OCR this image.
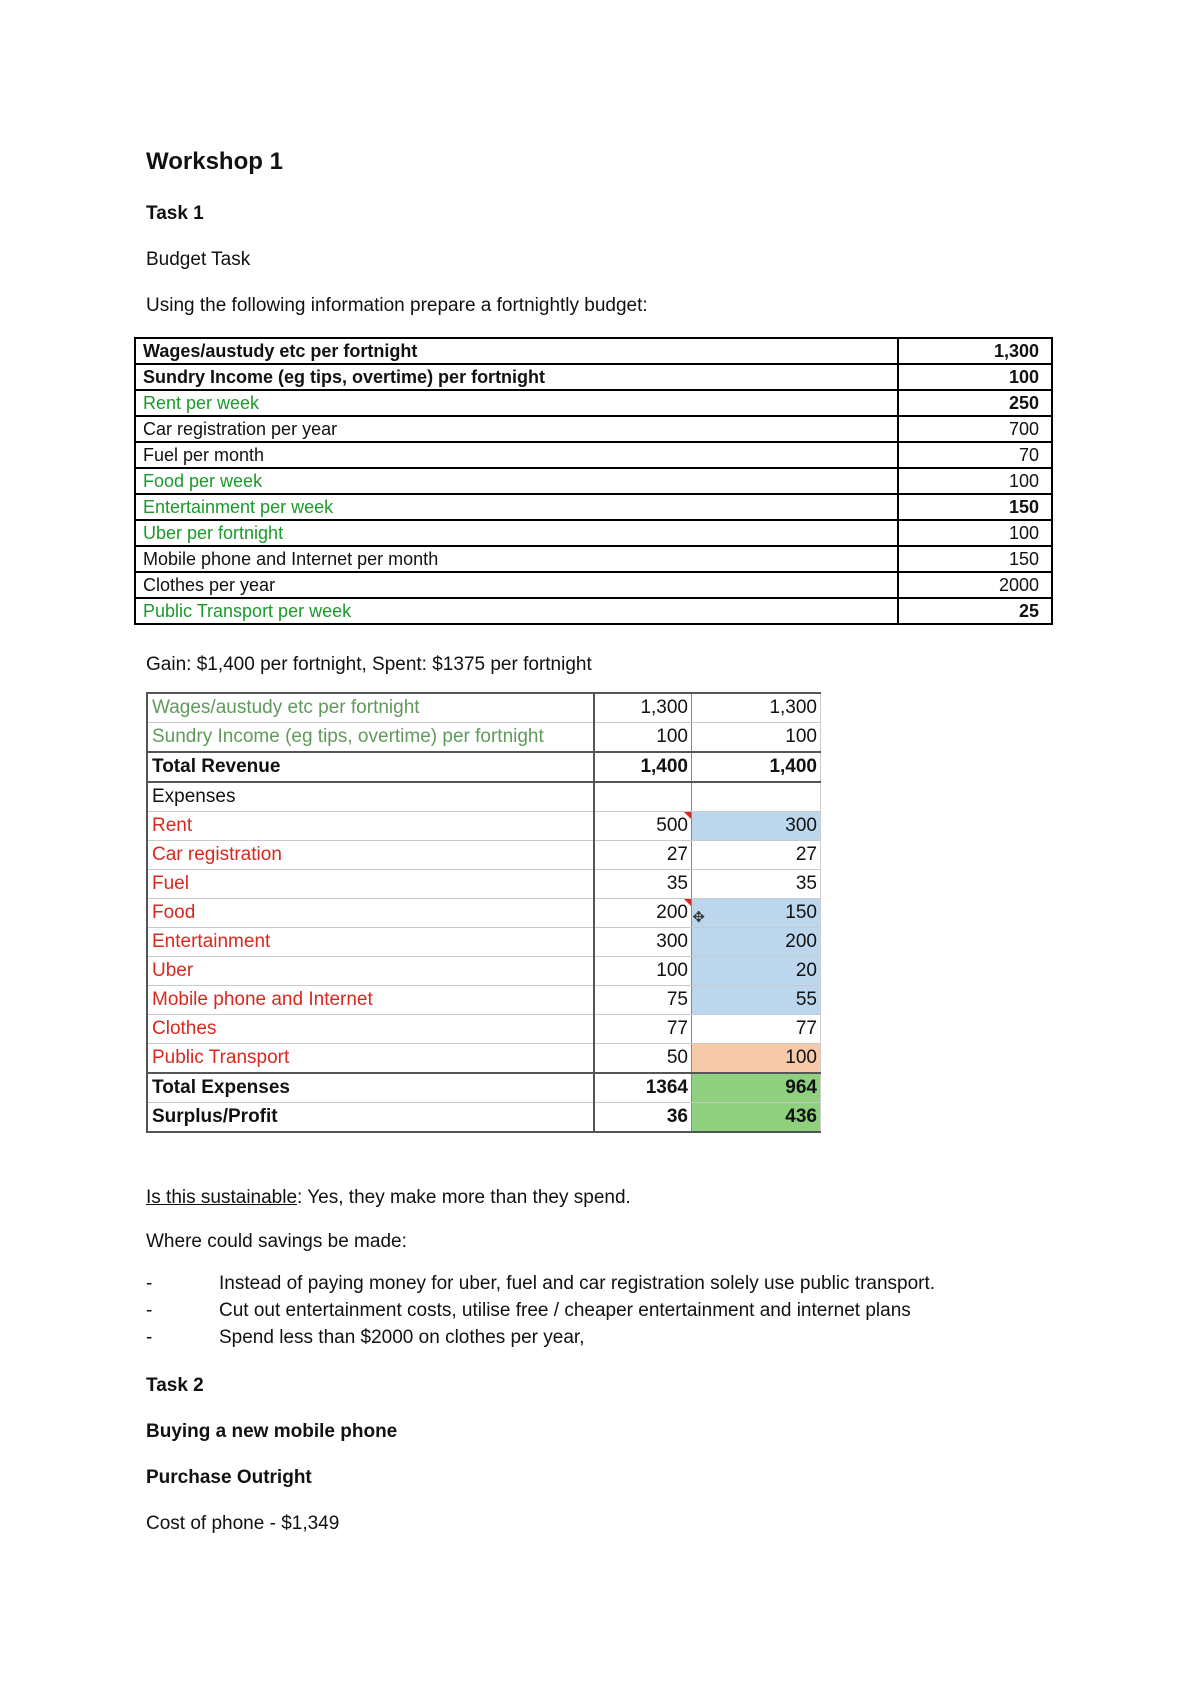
Workshop 1
Task 1
Budget Task
Using the following information prepare a fortnightly budget:
Wages/austudy etc per fortnight	1,300
Sundry Income (eg tips, overtime) per fortnight	100
Rent per week	250
Car registration per year	700
Fuel per month	70
Food per week	100
Entertainment per week	150
Uber per fortnight	100
Mobile phone and Internet per month	150
Clothes per year	2000
Public Transport per week	25
Gain: $1,400 per fortnight, Spent: $1375 per fortnight
Wages/austudy etc per fortnight	1,300	1,300
Sundry Income (eg tips, overtime) per fortnight	100	100
Total Revenue	1,400	1,400
Expenses		
Rent	500	300
Car registration	27	27
Fuel	35	35
Food	200 ✥	150
Entertainment	300	200
Uber	100	20
Mobile phone and Internet	75	55
Clothes	77	77
Public Transport	50	100
Total Expenses	1364	964
Surplus/Profit	36	436
Is this sustainable: Yes, they make more than they spend.
Where could savings be made:
-	Instead of paying money for uber, fuel and car registration solely use public transport.
-	Cut out entertainment costs, utilise free / cheaper entertainment and internet plans
-	Spend less than $2000 on clothes per year,
Task 2
Buying a new mobile phone
Purchase Outright
Cost of phone - $1,349
